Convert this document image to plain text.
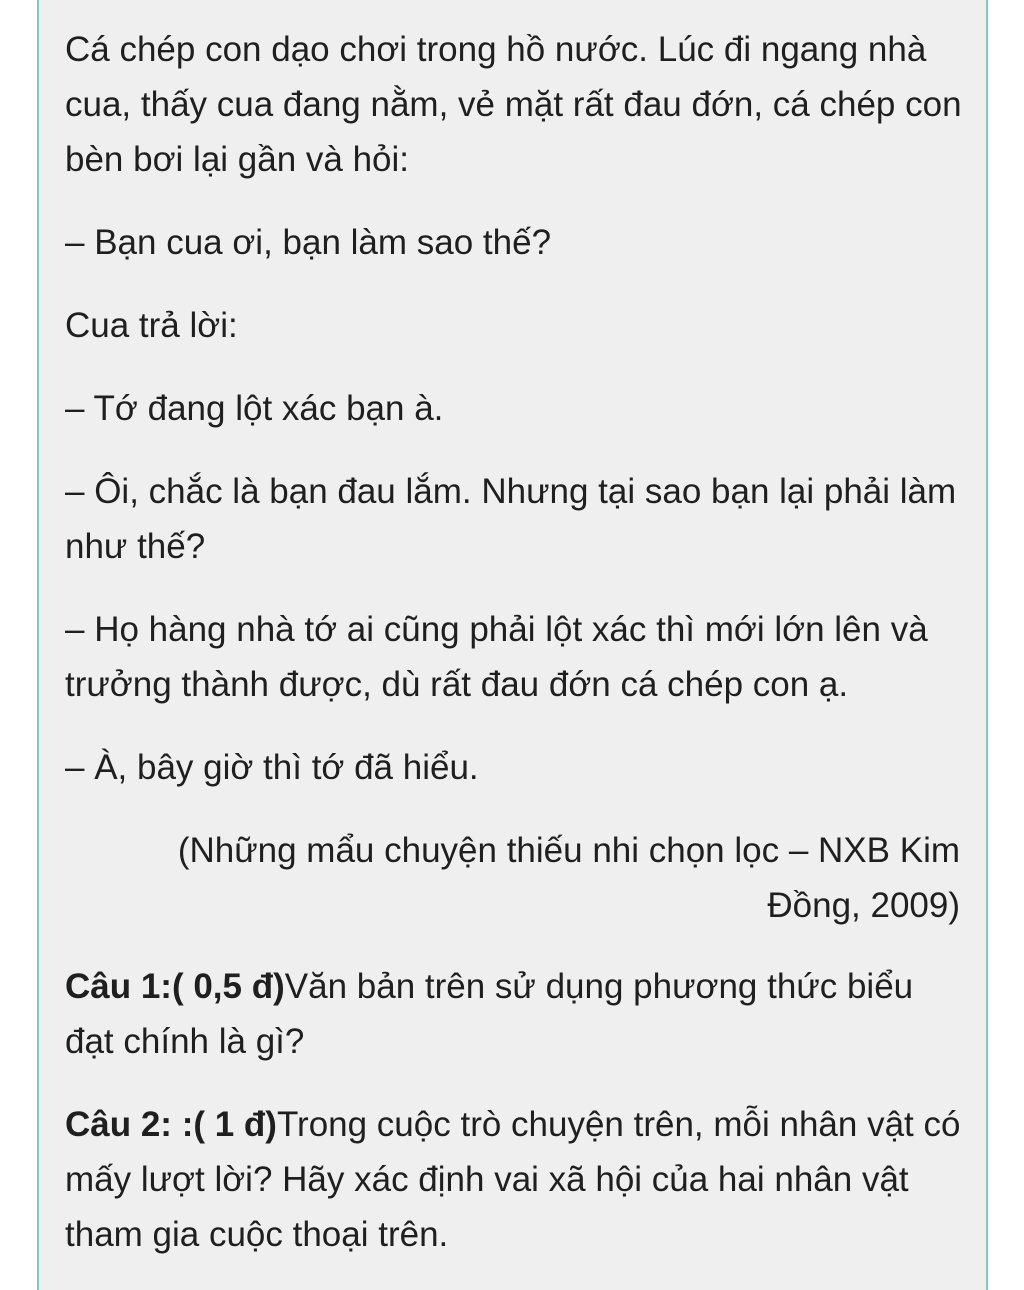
Cá chép con dạo chơi trong hồ nước. Lúc đi ngang nhà cua, thấy cua đang nằm, vẻ mặt rất đau đớn, cá chép con bèn bơi lại gần và hỏi:

– Bạn cua ơi, bạn làm sao thế?

Cua trả lời:

– Tớ đang lột xác bạn à.

– Ôi, chắc là bạn đau lắm. Nhưng tại sao bạn lại phải làm như thế?

– Họ hàng nhà tớ ai cũng phải lột xác thì mới lớn lên và trưởng thành được, dù rất đau đớn cá chép con ạ.

– À, bây giờ thì tớ đã hiểu.

(Những mẩu chuyện thiếu nhi chọn lọc – NXB Kim Đồng, 2009)

Câu 1:( 0,5 đ)Văn bản trên sử dụng phương thức biểu đạt chính là gì?

Câu 2: :( 1 đ)Trong cuộc trò chuyện trên, mỗi nhân vật có mấy lượt lời? Hãy xác định vai xã hội của hai nhân vật tham gia cuộc thoại trên.
